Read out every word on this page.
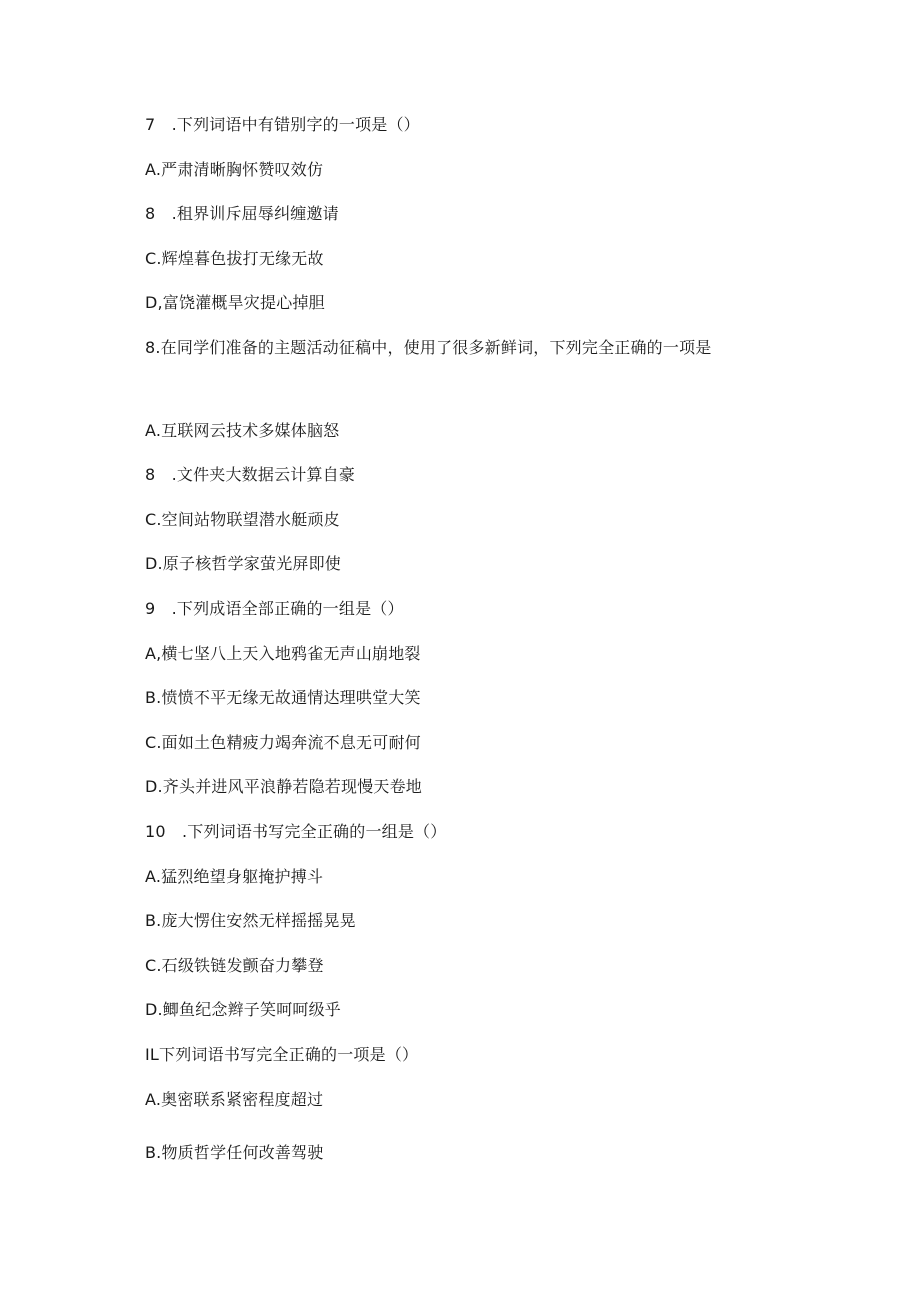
7　.下列词语中有错别字的一项是（）
A.严肃清晰胸怀赞叹效仿
8　.租界训斥屈辱纠缠邀请
C.辉煌暮色拔打无缘无故
D,富饶灌概旱灾提心掉胆
8.在同学们准备的主题活动征稿中，使用了很多新鲜词，下列完全正确的一项是
A.互联网云技术多媒体脑怒
8　.文件夹大数据云计算自豪
C.空间站物联望潜水艇顽皮
D.原子核哲学家萤光屏即使
9　.下列成语全部正确的一组是（）
A,横七坚八上天入地鸦雀无声山崩地裂
B.愤愤不平无缘无故通情达理哄堂大笑
C.面如土色精疲力竭奔流不息无可耐何
D.齐头并进风平浪静若隐若现慢天卷地
10　.下列词语书写完全正确的一组是（）
A.猛烈绝望身躯掩护搏斗
B.庞大愣住安然无样摇摇晃晃
C.石级铁链发颤奋力攀登
D.鲫鱼纪念辫子笑呵呵级乎
IL下列词语书写完全正确的一项是（）
A.奥密联系紧密程度超过
B.物质哲学任何改善驾驶
